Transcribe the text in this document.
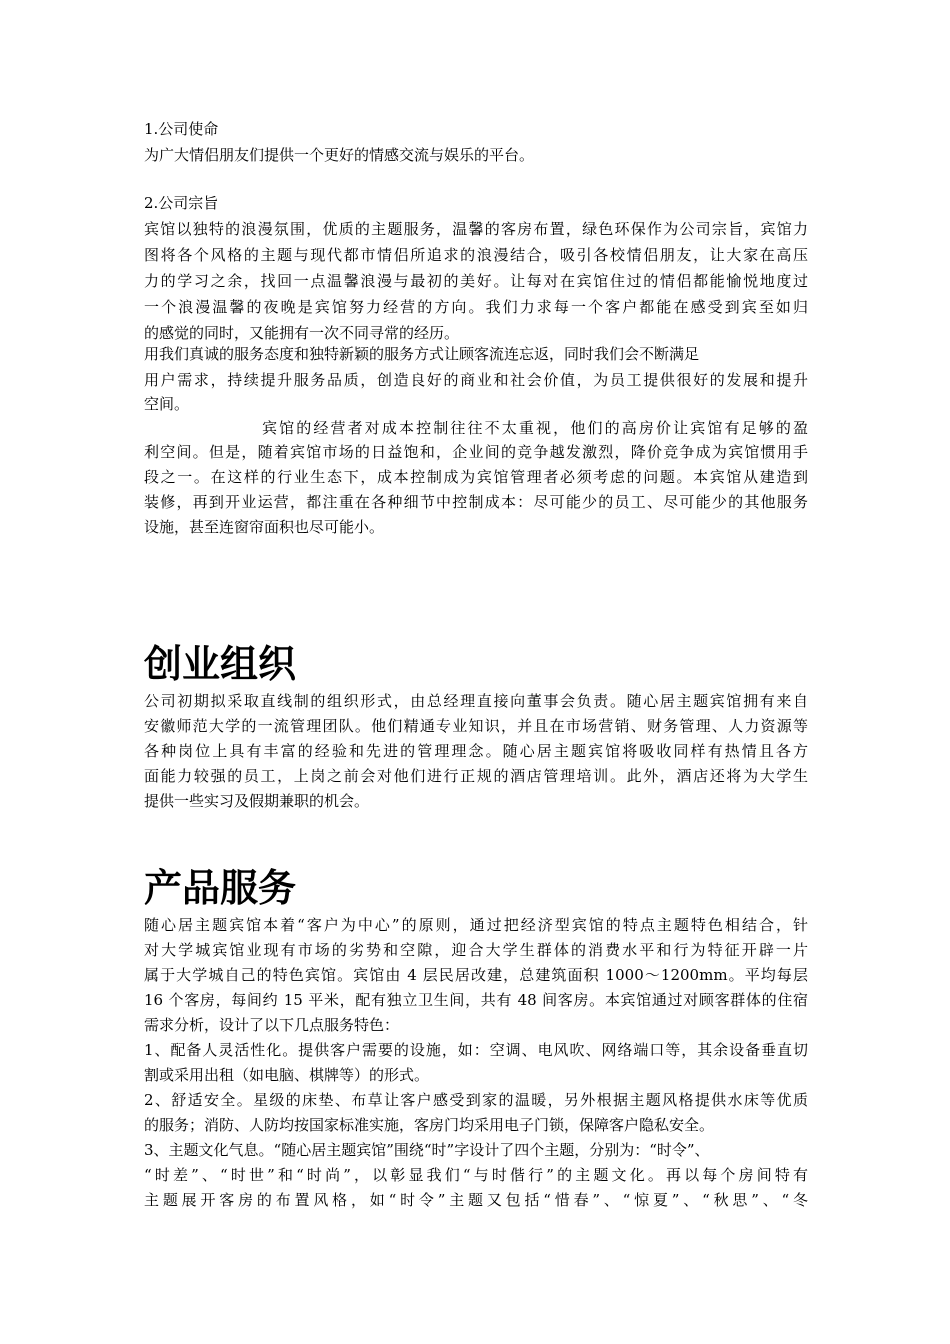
1.公司使命
为广大情侣朋友们提供一个更好的情感交流与娱乐的平台。
2.公司宗旨
宾馆以独特的浪漫氛围，优质的主题服务，温馨的客房布置，绿色环保作为公司宗旨，宾馆力
图将各个风格的主题与现代都市情侣所追求的浪漫结合，吸引各校情侣朋友，让大家在高压
力的学习之余，找回一点温馨浪漫与最初的美好。让每对在宾馆住过的情侣都能愉悦地度过
一个浪漫温馨的夜晚是宾馆努力经营的方向。我们力求每一个客户都能在感受到宾至如归
的感觉的同时，又能拥有一次不同寻常的经历。
用我们真诚的服务态度和独特新颖的服务方式让顾客流连忘返，同时我们会不断满足
用户需求，持续提升服务品质，创造良好的商业和社会价值，为员工提供很好的发展和提升
空间。
宾馆的经营者对成本控制往往不太重视，他们的高房价让宾馆有足够的盈
利空间。但是，随着宾馆市场的日益饱和，企业间的竞争越发激烈，降价竞争成为宾馆惯用手
段之一。在这样的行业生态下，成本控制成为宾馆管理者必须考虑的问题。本宾馆从建造到
装修，再到开业运营，都注重在各种细节中控制成本：尽可能少的员工、尽可能少的其他服务
设施，甚至连窗帘面积也尽可能小。
创业组织
公司初期拟采取直线制的组织形式，由总经理直接向董事会负责。随心居主题宾馆拥有来自
安徽师范大学的一流管理团队。他们精通专业知识，并且在市场营销、财务管理、人力资源等
各种岗位上具有丰富的经验和先进的管理理念。随心居主题宾馆将吸收同样有热情且各方
面能力较强的员工，上岗之前会对他们进行正规的酒店管理培训。此外，酒店还将为大学生
提供一些实习及假期兼职的机会。
产品服务
随心居主题宾馆本着“客户为中心”的原则，通过把经济型宾馆的特点主题特色相结合，针
对大学城宾馆业现有市场的劣势和空隙，迎合大学生群体的消费水平和行为特征开辟一片
属于大学城自己的特色宾馆。宾馆由 4 层民居改建，总建筑面积 1000～1200mm。平均每层
16 个客房，每间约 15 平米，配有独立卫生间，共有 48 间客房。本宾馆通过对顾客群体的住宿
需求分析，设计了以下几点服务特色：
1、配备人灵活性化。提供客户需要的设施，如：空调、电风吹、网络端口等，其余设备垂直切
割或采用出租（如电脑、棋牌等）的形式。
2、舒适安全。星级的床垫、布草让客户感受到家的温暖，另外根据主题风格提供水床等优质
的服务；消防、人防均按国家标准实施，客房门均采用电子门锁，保障客户隐私安全。
3、主题文化气息。“随心居主题宾馆”围绕“时”字设计了四个主题，分别为：“时令”、
“时差”、“时世”和“时尚”，以彰显我们“与时偕行”的主题文化。再以每个房间特有
主题展开客房的布置风格，如“时令”主题又包括“惜春”、“惊夏”、“秋思”、“冬
